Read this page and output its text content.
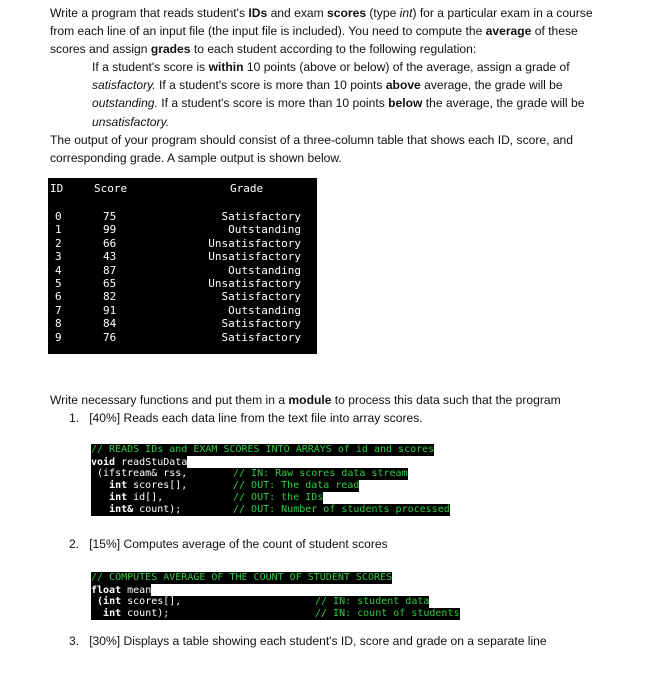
Write a program that reads student's IDs and exam scores (type int) for a particular exam in a course from each line of an input file (the input file is included). You need to compute the average of these scores and assign grades to each student according to the following regulation:
If a student's score is within 10 points (above or below) of the average, assign a grade of satisfactory. If a student's score is more than 10 points above average, the grade will be outstanding. If a student's score is more than 10 points below the average, the grade will be unsatisfactory.
The output of your program should consist of a three-column table that shows each ID, score, and corresponding grade. A sample output is shown below.
ID	Score	Grade
0
1
2
3
4
5
6
7
8
9
75
99
66
43
87
65
82
91
84
76
Satisfactory
Outstanding
Unsatisfactory
Unsatisfactory
Outstanding
Unsatisfactory
Satisfactory
Outstanding
Satisfactory
Satisfactory
Write necessary functions and put them in a module to process this data such that the program
1. [40%] Reads each data line from the text file into array scores.

// READS IDs and EXAM SCORES INTO ARRAYS of id and scores

void readStuData

(ifstream& rss,

int scores[],

int id[],

int& count);

// IN: Raw scores data stream

// OUT: The data read

// OUT: the IDs

// OUT: Number of students processed

2. [15%] Computes average of the count of student scores

// COMPUTES AVERAGE OF THE COUNT OF STUDENT SCORES

float mean

(int scores[],

int count);

// IN: student data

// IN: count of students

3. [30%] Displays a table showing each student's ID, score and grade on a separate line
